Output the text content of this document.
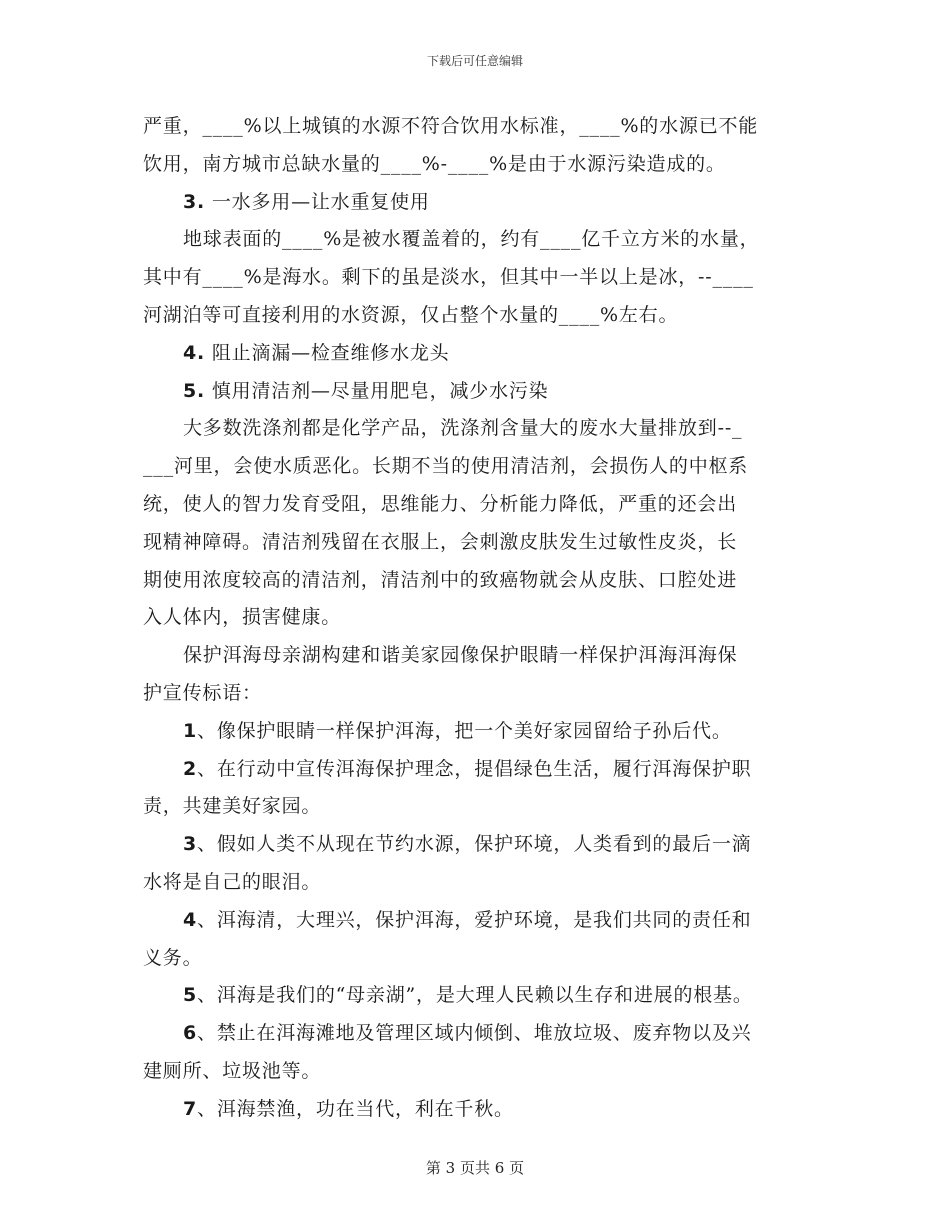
下载后可任意编辑
严重，____%以上城镇的水源不符合饮用水标准，____%的水源已不能
饮用，南方城市总缺水量的____%-____%是由于水源污染造成的。
3. 一水多用—让水重复使用
地球表面的____%是被水覆盖着的，约有____亿千立方米的水量，
其中有____%是海水。剩下的虽是淡水，但其中一半以上是冰，--____
河湖泊等可直接利用的水资源，仅占整个水量的____%左右。
4. 阻止滴漏—检查维修水龙头
5. 慎用清洁剂—尽量用肥皂，减少水污染
大多数洗涤剂都是化学产品，洗涤剂含量大的废水大量排放到--_
___河里，会使水质恶化。长期不当的使用清洁剂，会损伤人的中枢系
统，使人的智力发育受阻，思维能力、分析能力降低，严重的还会出
现精神障碍。清洁剂残留在衣服上，会刺激皮肤发生过敏性皮炎，长
期使用浓度较高的清洁剂，清洁剂中的致癌物就会从皮肤、口腔处进
入人体内，损害健康。
保护洱海母亲湖构建和谐美家园像保护眼睛一样保护洱海洱海保
护宣传标语：
1、像保护眼睛一样保护洱海，把一个美好家园留给子孙后代。
2、在行动中宣传洱海保护理念，提倡绿色生活，履行洱海保护职
责，共建美好家园。
3、假如人类不从现在节约水源，保护环境，人类看到的最后一滴
水将是自己的眼泪。
4、洱海清，大理兴，保护洱海，爱护环境，是我们共同的责任和
义务。
5、洱海是我们的“母亲湖”，是大理人民赖以生存和进展的根基。
6、禁止在洱海滩地及管理区域内倾倒、堆放垃圾、废弃物以及兴
建厕所、垃圾池等。
7、洱海禁渔，功在当代，利在千秋。
第 3 页共 6 页
